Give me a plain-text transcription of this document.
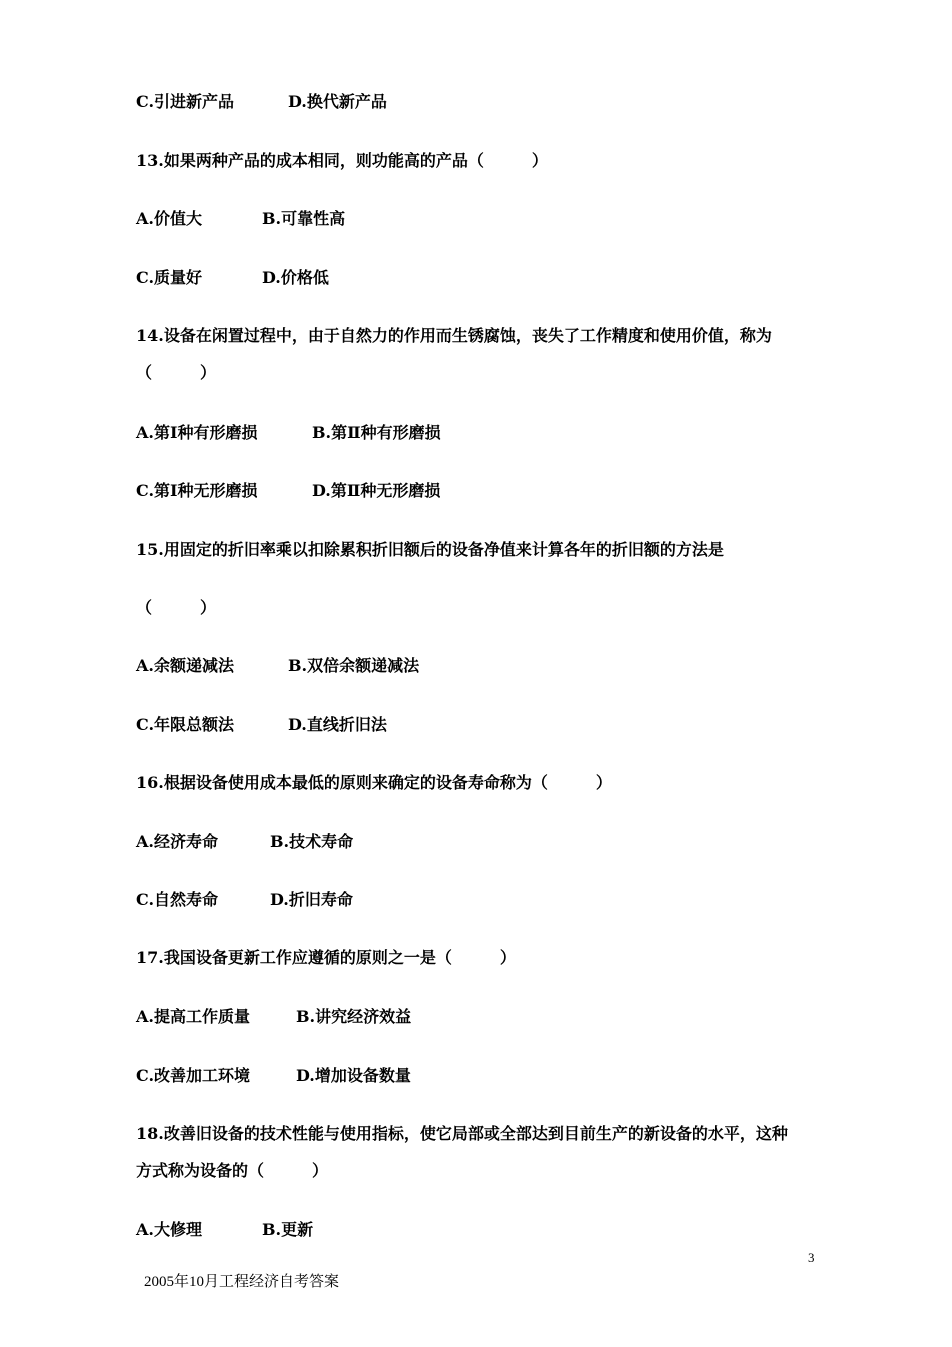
C.引进新产品	D.换代新产品
13.如果两种产品的成本相同，则功能高的产品（　　　）
A.价值大	B.可靠性高
C.质量好	D.价格低
14.设备在闲置过程中，由于自然力的作用而生锈腐蚀，丧失了工作精度和使用价值，称为
（　　　）
A.第Ⅰ种有形磨损	B.第Ⅱ种有形磨损
C.第Ⅰ种无形磨损	D.第Ⅱ种无形磨损
15.用固定的折旧率乘以扣除累积折旧额后的设备净值来计算各年的折旧额的方法是
（　　　）
A.余额递减法	B.双倍余额递减法
C.年限总额法	D.直线折旧法
16.根据设备使用成本最低的原则来确定的设备寿命称为（　　　）
A.经济寿命	B.技术寿命
C.自然寿命	D.折旧寿命
17.我国设备更新工作应遵循的原则之一是（　　　）
A.提高工作质量	B.讲究经济效益
C.改善加工环境	D.增加设备数量
18.改善旧设备的技术性能与使用指标，使它局部或全部达到目前生产的新设备的水平，这种
方式称为设备的（　　　）
A.大修理	B.更新
3
2005年10月工程经济自考答案
